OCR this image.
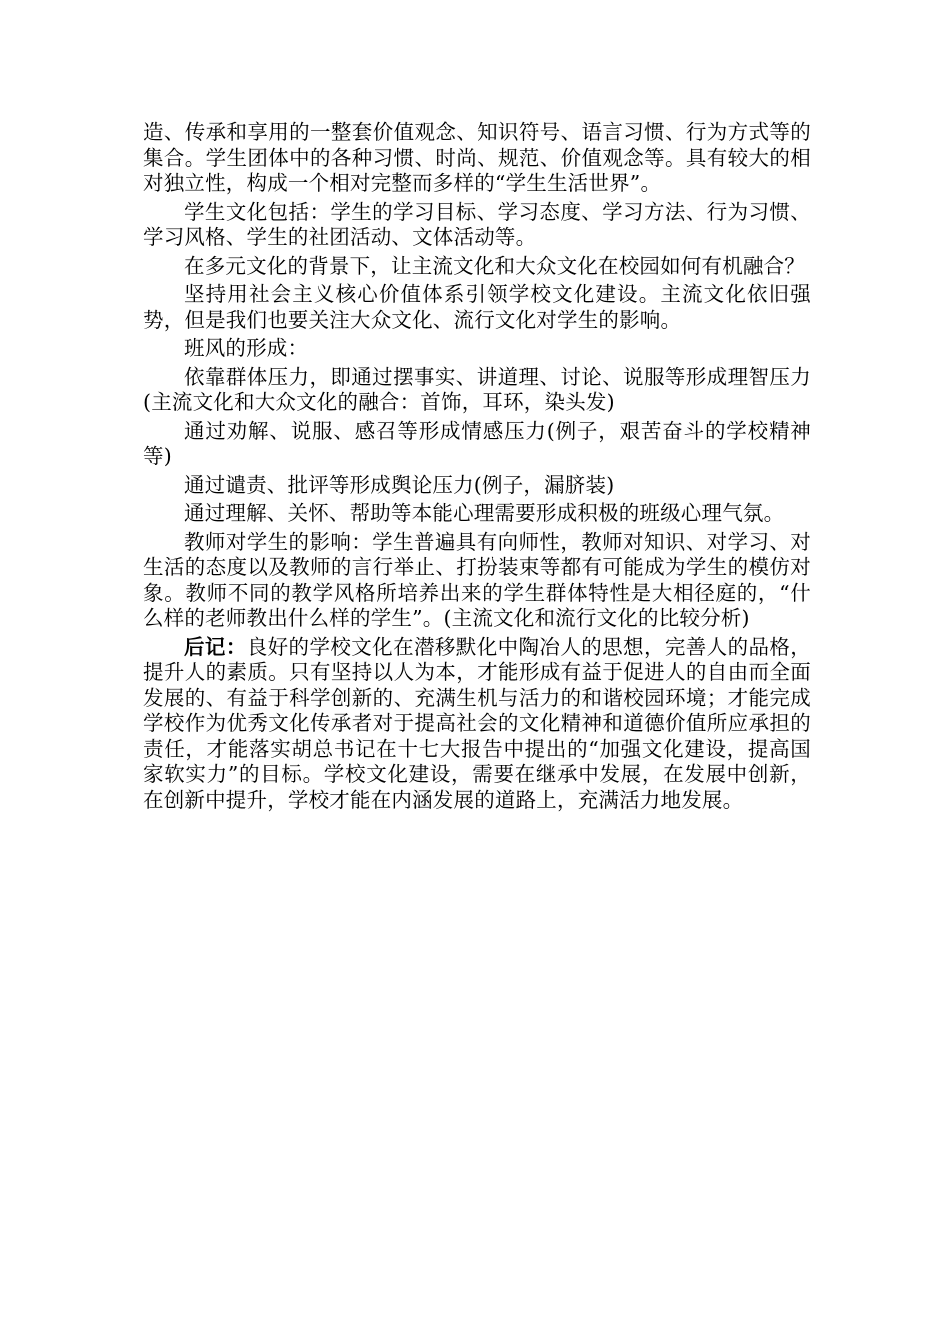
造、传承和享用的一整套价值观念、知识符号、语言习惯、行为方式等的集合。学生团体中的各种习惯、时尚、规范、价值观念等。具有较大的相对独立性，构成一个相对完整而多样的“学生生活世界”。

学生文化包括：学生的学习目标、学习态度、学习方法、行为习惯、学习风格、学生的社团活动、文体活动等。

在多元文化的背景下，让主流文化和大众文化在校园如何有机融合？

坚持用社会主义核心价值体系引领学校文化建设。主流文化依旧强势，但是我们也要关注大众文化、流行文化对学生的影响。

班风的形成：

依靠群体压力，即通过摆事实、讲道理、讨论、说服等形成理智压力(主流文化和大众文化的融合：首饰，耳环，染头发)

通过劝解、说服、感召等形成情感压力(例子，艰苦奋斗的学校精神等)

通过谴责、批评等形成舆论压力(例子，漏脐装)

通过理解、关怀、帮助等本能心理需要形成积极的班级心理气氛。

教师对学生的影响：学生普遍具有向师性，教师对知识、对学习、对生活的态度以及教师的言行举止、打扮装束等都有可能成为学生的模仿对象。教师不同的教学风格所培养出来的学生群体特性是大相径庭的，“什么样的老师教出什么样的学生”。(主流文化和流行文化的比较分析)

后记：良好的学校文化在潜移默化中陶冶人的思想，完善人的品格，提升人的素质。只有坚持以人为本，才能形成有益于促进人的自由而全面发展的、有益于科学创新的、充满生机与活力的和谐校园环境；才能完成学校作为优秀文化传承者对于提高社会的文化精神和道德价值所应承担的责任，才能落实胡总书记在十七大报告中提出的“加强文化建设，提高国家软实力”的目标。学校文化建设，需要在继承中发展，在发展中创新，在创新中提升，学校才能在内涵发展的道路上，充满活力地发展。
